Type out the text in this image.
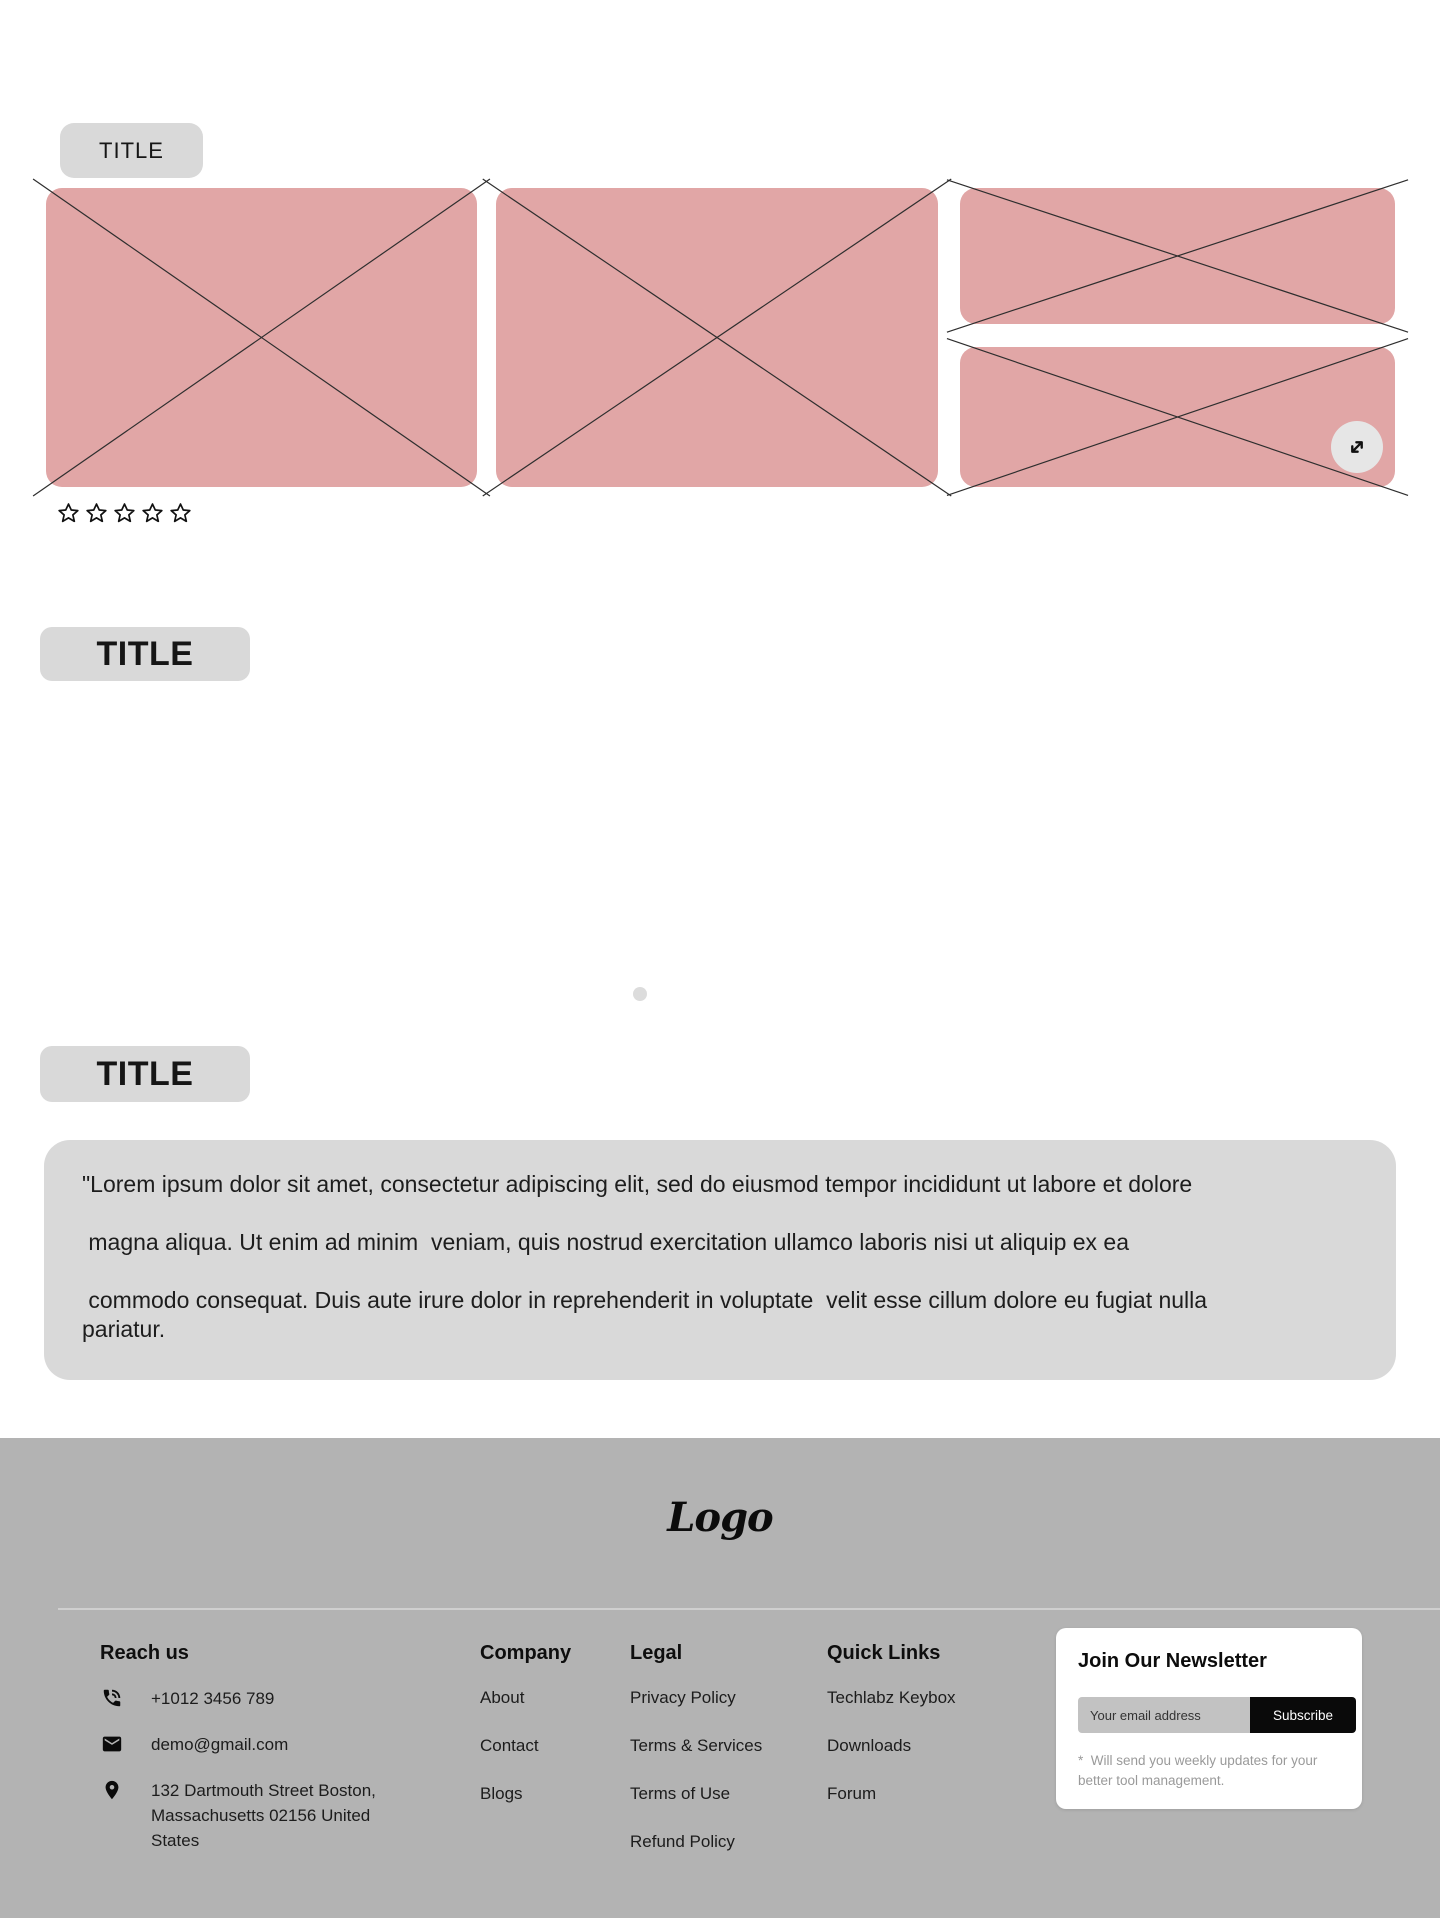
TITLE
TITLE
TITLE
"Lorem ipsum dolor sit amet, consectetur adipiscing elit, sed do eiusmod tempor incididunt ut labore et dolore
magna aliqua. Ut enim ad minim  veniam, quis nostrud exercitation ullamco laboris nisi ut aliquip ex ea
commodo consequat. Duis aute irure dolor in reprehenderit in voluptate  velit esse cillum dolore eu fugiat nulla
pariatur.
Logo
Reach us
+1012 3456 789
demo@gmail.com
132 Dartmouth Street Boston,
Massachusetts 02156 United States
Company
About
Contact
Blogs
Legal
Privacy Policy
Terms & Services
Terms of Use
Refund Policy
Quick Links
Techlabz Keybox
Downloads
Forum
Join Our Newsletter
Your email address
Subscribe
*  Will send you weekly updates for your better tool management.
